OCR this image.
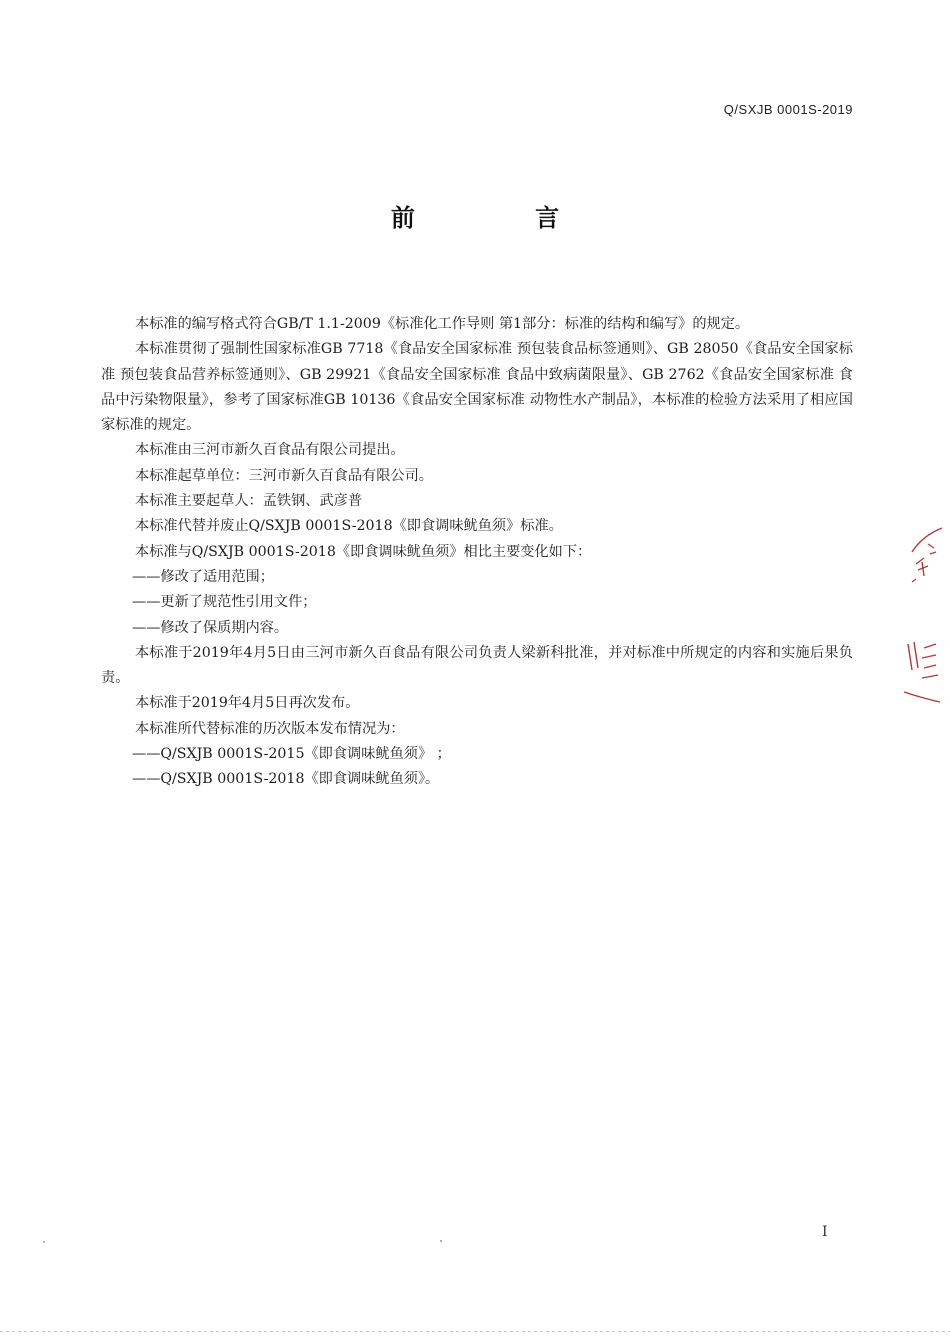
Q/SXJB 0001S-2019
前 言

本标准的编写格式符合GB/T 1.1-2009《标准化工作导则 第1部分：标准的结构和编写》的规定。

本标准贯彻了强制性国家标准GB 7718《食品安全国家标准 预包装食品标签通则》、GB 28050《食品安全国家标准 预包装食品营养标签通则》、GB 29921《食品安全国家标准 食品中致病菌限量》、GB 2762《食品安全国家标准 食品中污染物限量》，参考了国家标准GB 10136《食品安全国家标准 动物性水产制品》，本标准的检验方法采用了相应国家标准的规定。

本标准由三河市新久百食品有限公司提出。

本标准起草单位：三河市新久百食品有限公司。

本标准主要起草人：孟铁钢、武彦普

本标准代替并废止Q/SXJB 0001S-2018《即食调味鱿鱼须》标准。

本标准与Q/SXJB 0001S-2018《即食调味鱿鱼须》相比主要变化如下：

——修改了适用范围；

——更新了规范性引用文件；

——修改了保质期内容。

本标准于2019年4月5日由三河市新久百食品有限公司负责人梁新科批准，并对标准中所规定的内容和实施后果负责。

本标准于2019年4月5日再次发布。

本标准所代替标准的历次版本发布情况为：

——Q/SXJB 0001S-2015《即食调味鱿鱼须》 ；

——Q/SXJB 0001S-2018《即食调味鱿鱼须》。

I
